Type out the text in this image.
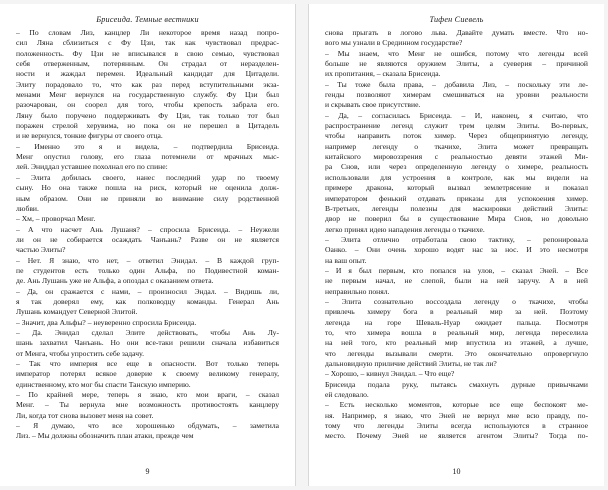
Брисеида. Темные вестники
– По словам Лиз, канцлер Ли некоторое время назад попро-
сил Ляна сблизиться с Фу Цзи, так как чувствовал предрас-
положенность. Фу Цзи не вписывался в свою семью, чувствовал
себя отверженным, потерянным. Он страдал от неразделен-
ности и жаждал перемен. Идеальный кандидат для Цитадели.
Элиту порадовало то, что как раз перед вступительными экза-
менами Менг вернулся на государственную службу. Фу Цзи был
разочарован, он соорел для того, чтобы крепость забрала его.
Ляну было поручено поддерживать Фу Цзи, так только тот был
поражен стрелой херувима, но пока он не перешел в Цитадель
и не вернулся, тонкие фигуры от своего отца.
– Именно это я и видела, – подтвердила Брисеида.
Менг опустил голову, его глаза потемнели от мрачных мыс-
лей. Эниддал уставшее похолнал его по спине:
– Элита добилась своего, нанес последний удар по твоему
сыну. Но она также пошла на риск, который не оценила долж-
ным образом. Они не приняли во внимание силу родственной
любви.
– Хм, – проворчал Менг.
– А что насчет Ань Лушаня? – спросила Брисеида. – Неужели
ли он не собирается осаждать Чанъань? Разве он не является
частью Элиты?
– Нет. Я знаю, что нет, – ответил Энидал. – В каждой груп-
пе студентов есть только один Альфа, по Подивестной коман-
де. Ань Лушань уже не Альфа, а опоздал с оказанием ответа.
– Да, он сражается с нами, – произносил Эндал. – Видишь ли,
я так доверял ему, как полководцу команды. Генерал Ань
Лушань командует Северной Элитой.
– Значит, два Альфы? – неуверенно спросила Брисеида.
– Да. Энидал сделал Элите действовать, чтобы Ань Лу-
шань захватил Чанъань. Но они все-таки решили сначала избавиться
от Менга, чтобы упростить себе задачу.
– Так что империя все еще в опасности. Вот только теперь
император потерял всякое доверие к своему великому генералу,
единственному, кто мог бы спасти Танскую империю.
– По крайней мере, теперь я знаю, кто мои враги, – сказал
Менг. – Ты вернула мне возможность противостоять канцлеру
Ли, когда тот снова вызовет меня на совет.
– Я думаю, что все хорошенько обдумать, – заметила
Лиз. – Мы должны обозначить план атаки, прежде чем
9
Тифен Сиевель
снова прыгать в логово льва. Давайте думать вместе. Что но-
вого мы узнали в Срединном государстве?
– Мы знаем, что Менг не ошибся, потому что легенды всей
больше не являются оружием Элиты, а суеверия – причиной
их пропитания, – сказала Брисеида.
– Ты тоже была права, – добавила Лиз, – поскольку эти ле-
генды позволяют химерам смешиваться на уровни реальности
и скрывать свое присутствие.
– Да, – согласилась Брисеида. – И, наконец, я считаю, что
распространение легенд служит трем целям Элиты. Во-первых,
чтобы направить поток химер. Через общепринятую легенду,
например легенду о ткачихе, Элита может превращать
китайского мировоззрения с реальностью девяти этажей Ми-
ра Снов, или через определенную легенду о химере, реальность
использовали для устроения в контроле, как мы видели на
примере дракона, который вызвал землетрясение и показал
императором фенький отдавать приказы для успокоения химер.
В-третьих, легенды полезны для маскировки действий Элиты:
двор не поверил бы в существование Мира Снов, но довольно
легко принял идею нападения легенды о ткачихе.
– Элита отлично отработала свою тактику, – репонировала
Оанко. – Они очень хорошо водят нас за нос. И это несмотря
на ваш опыт.
– И я был первым, кто попался на улов, – сказал Эней. – Все
не первым начал, не слепой, были на ней заручу. А в ней
неправильно понял.
– Элита сознательно воссоздала легенду о ткачихе, чтобы
привлечь химеру бога в реальный мир за ней. Поэтому
легенда на горе Шеваль-Нуар ожидает пальца. Посмотря
то, что химера вошла в реальный мир, легенда переселила
на ней того, кто реальный мир впустила из этажей, а лучше,
что легенды вызывали смерти. Это окончательно опровергнуло
дальновидную приличие действий Элиты, не так ли?
– Хорошо, – кивнул Энидал. – Что еще?
Брисеида подала руку, пытаясь смахнуть дурные привычками
ей следовало.
– Есть несколько моментов, которые все еще беспокоят ме-
ня. Например, я знаю, что Эней не вернул мне всю правду, по-
тому что легенды Элиты всегда используются в странное
место. Почему Эней не является агентом Элиты? Тогда по-
10
